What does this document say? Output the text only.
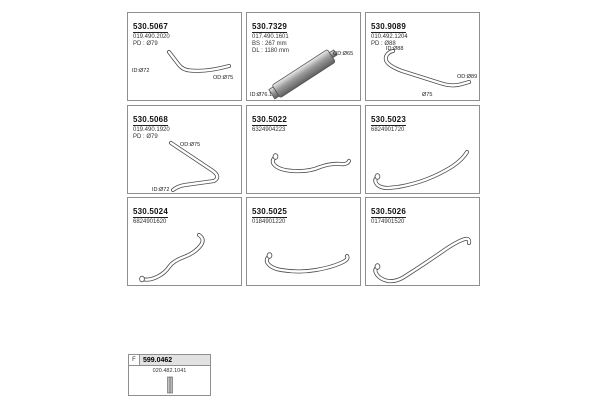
530.5067
019.490.2020
PD : Ø79
ID:Ø72
OD:Ø75
530.7329
017.490.1601
BS : 267 mm
DL : 1180 mm	OD:Ø65
ID:Ø76.1
530.9089
010.492.1204
PD : Ø88
ID:Ø88
OD:Ø89
Ø75
530.5068
019.490.1920
PD : Ø79
OD:Ø75
ID:Ø72
530.5022
6324904223
530.5023
6824901720
530.5024
6824901620
530.5025
0184901220
530.5026
0174901520
F	599.0462
020.482.1041
